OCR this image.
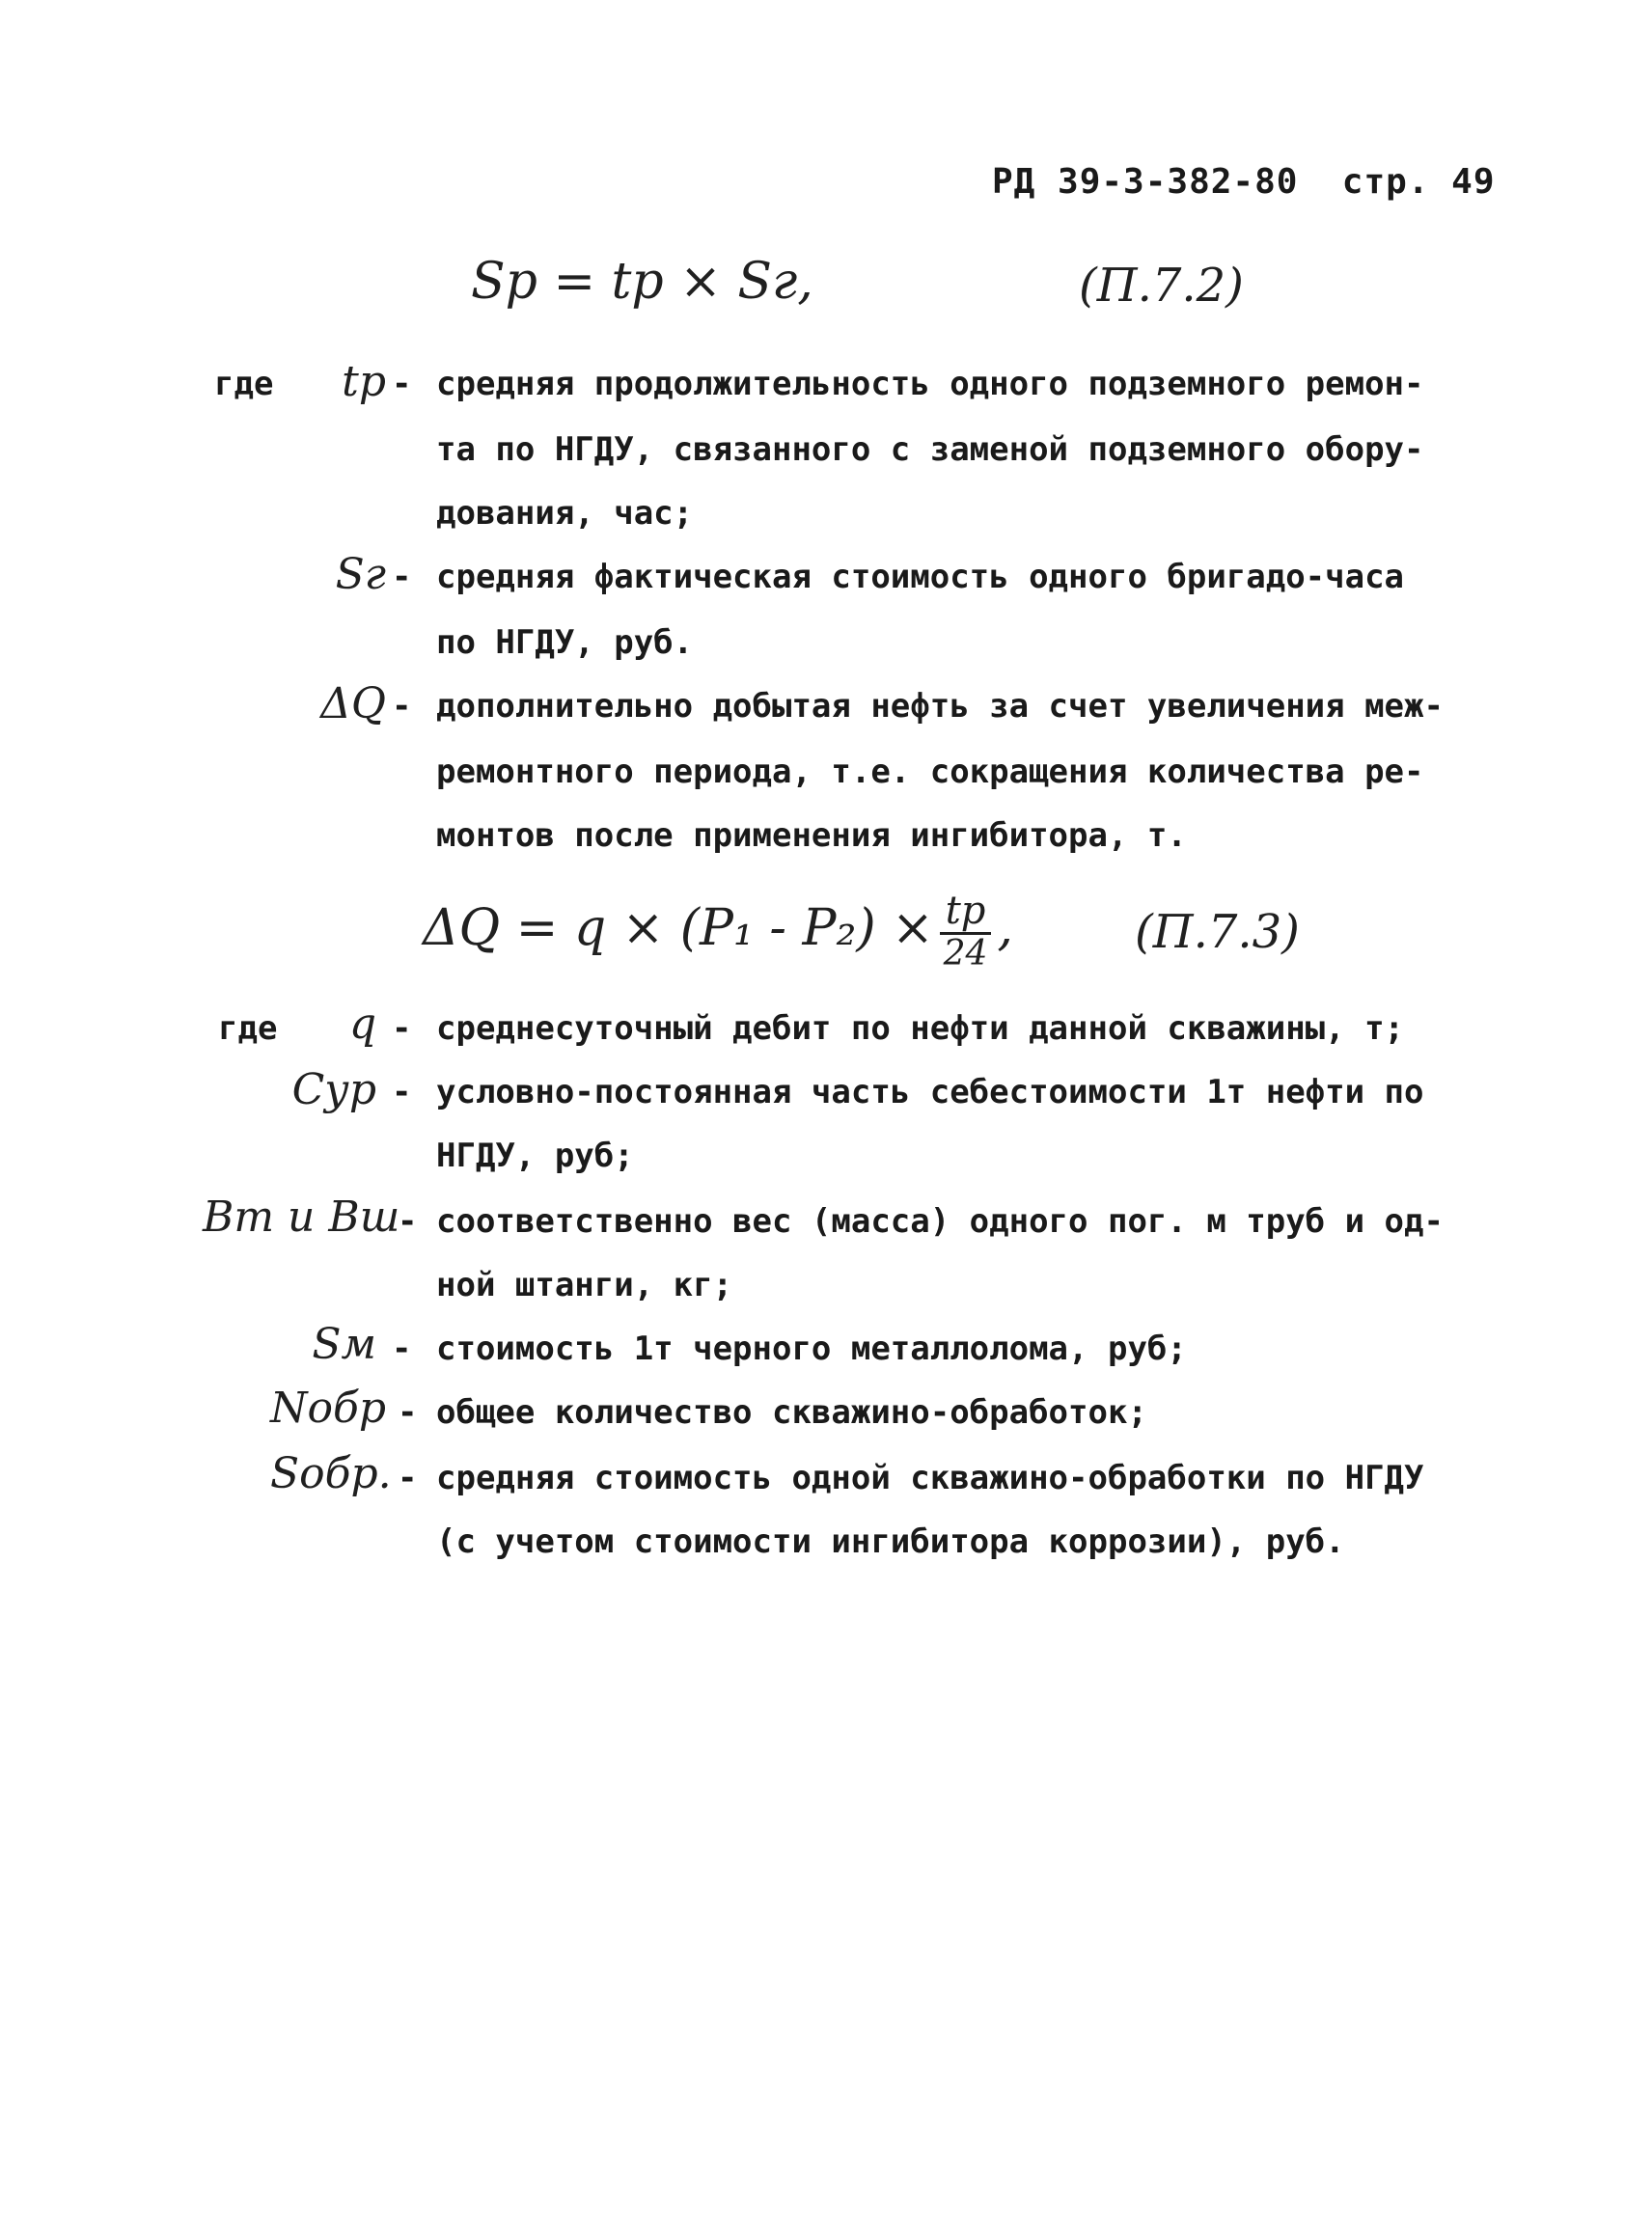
РД 39-3-382-80 стр. 49
Sр = tр × Sг,	(П.7.2)
где	tр - средняя продолжительность одного подземного ремон-
та по НГДУ, связанного с заменой подземного обору-
дования, час;
Sг - средняя фактическая стоимость одного бригадо-часа
по НГДУ, руб.
ΔQ - дополнительно добытая нефть за счет увеличения меж-
ремонтного периода, т.е. сокращения количества ре-
монтов после применения ингибитора, т.
$\Delta Q = q \times (P_1 - P_2) \times \frac{tр}{24}$ ,	(П.7.3)
где	q - среднесуточный дебит по нефти данной скважины, т;
Сур - условно-постоянная часть себестоимости 1т нефти по
НГДУ, руб;
Вт и Вш
- соответственно вес (масса) одного пог. м труб и од-
ной штанги, кг;
Sм - стоимость 1т черного металлолома, руб;
Nобр - общее количество скважино-обработок;
Sобр. - средняя стоимость одной скважино-обработки по НГДУ
(с учетом стоимости ингибитора коррозии), руб.
